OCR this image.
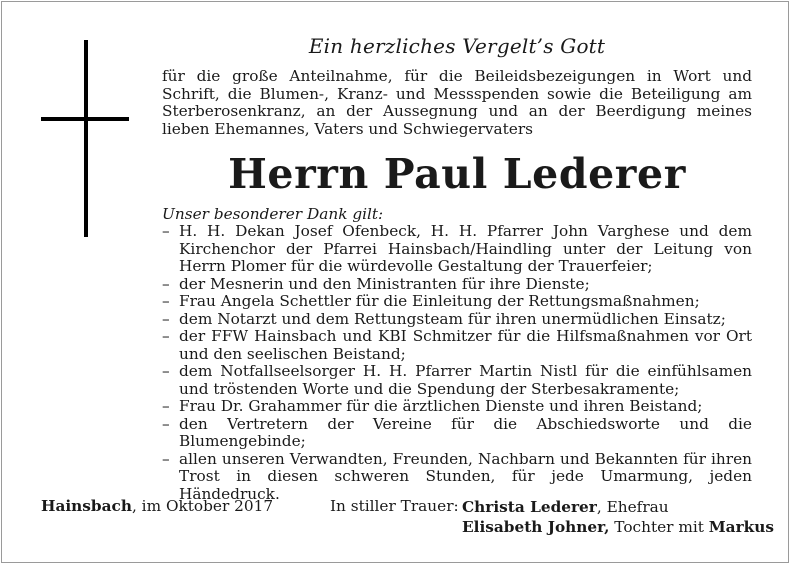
Ein herzliches Vergelt’s Gott
für die große Anteilnahme, für die Beileidsbezeigungen in Wort und Schrift, die Blumen-, Kranz- und Messspenden sowie die Beteiligung am Sterberosenkranz, an der Aussegnung und an der Beerdigung meines lieben Ehemannes, Vaters und Schwiegervaters
Herrn Paul Lederer
Unser besonderer Dank gilt:
– H. H. Dekan Josef Ofenbeck, H. H. Pfarrer John Varghese und dem Kirchenchor der Pfarrei Hainsbach/Haindling unter der Leitung von Herrn Plomer für die würdevolle Gestaltung der Trauerfeier;
– der Mesnerin und den Ministranten für ihre Dienste;
– Frau Angela Schettler für die Einleitung der Rettungsmaßnahmen;
– dem Notarzt und dem Rettungsteam für ihren unermüdlichen Einsatz;
– der FFW Hainsbach und KBI Schmitzer für die Hilfsmaßnahmen vor Ort und den seelischen Beistand;
– dem Notfallseelsorger H. H. Pfarrer Martin Nistl für die einfühlsamen und tröstenden Worte und die Spendung der Sterbesakramente;
– Frau Dr. Grahammer für die ärztlichen Dienste und ihren Beistand;
– den Vertretern der Vereine für die Abschiedsworte und die Blumengebinde;
– allen unseren Verwandten, Freunden, Nachbarn und Bekannten für ihren Trost in diesen schweren Stunden, für jede Umarmung, jeden Händedruck.
Hainsbach, im Oktober 2017	In stiller Trauer: Christa Lederer, Ehefrau
Elisabeth Johner, Tochter mit Markus
